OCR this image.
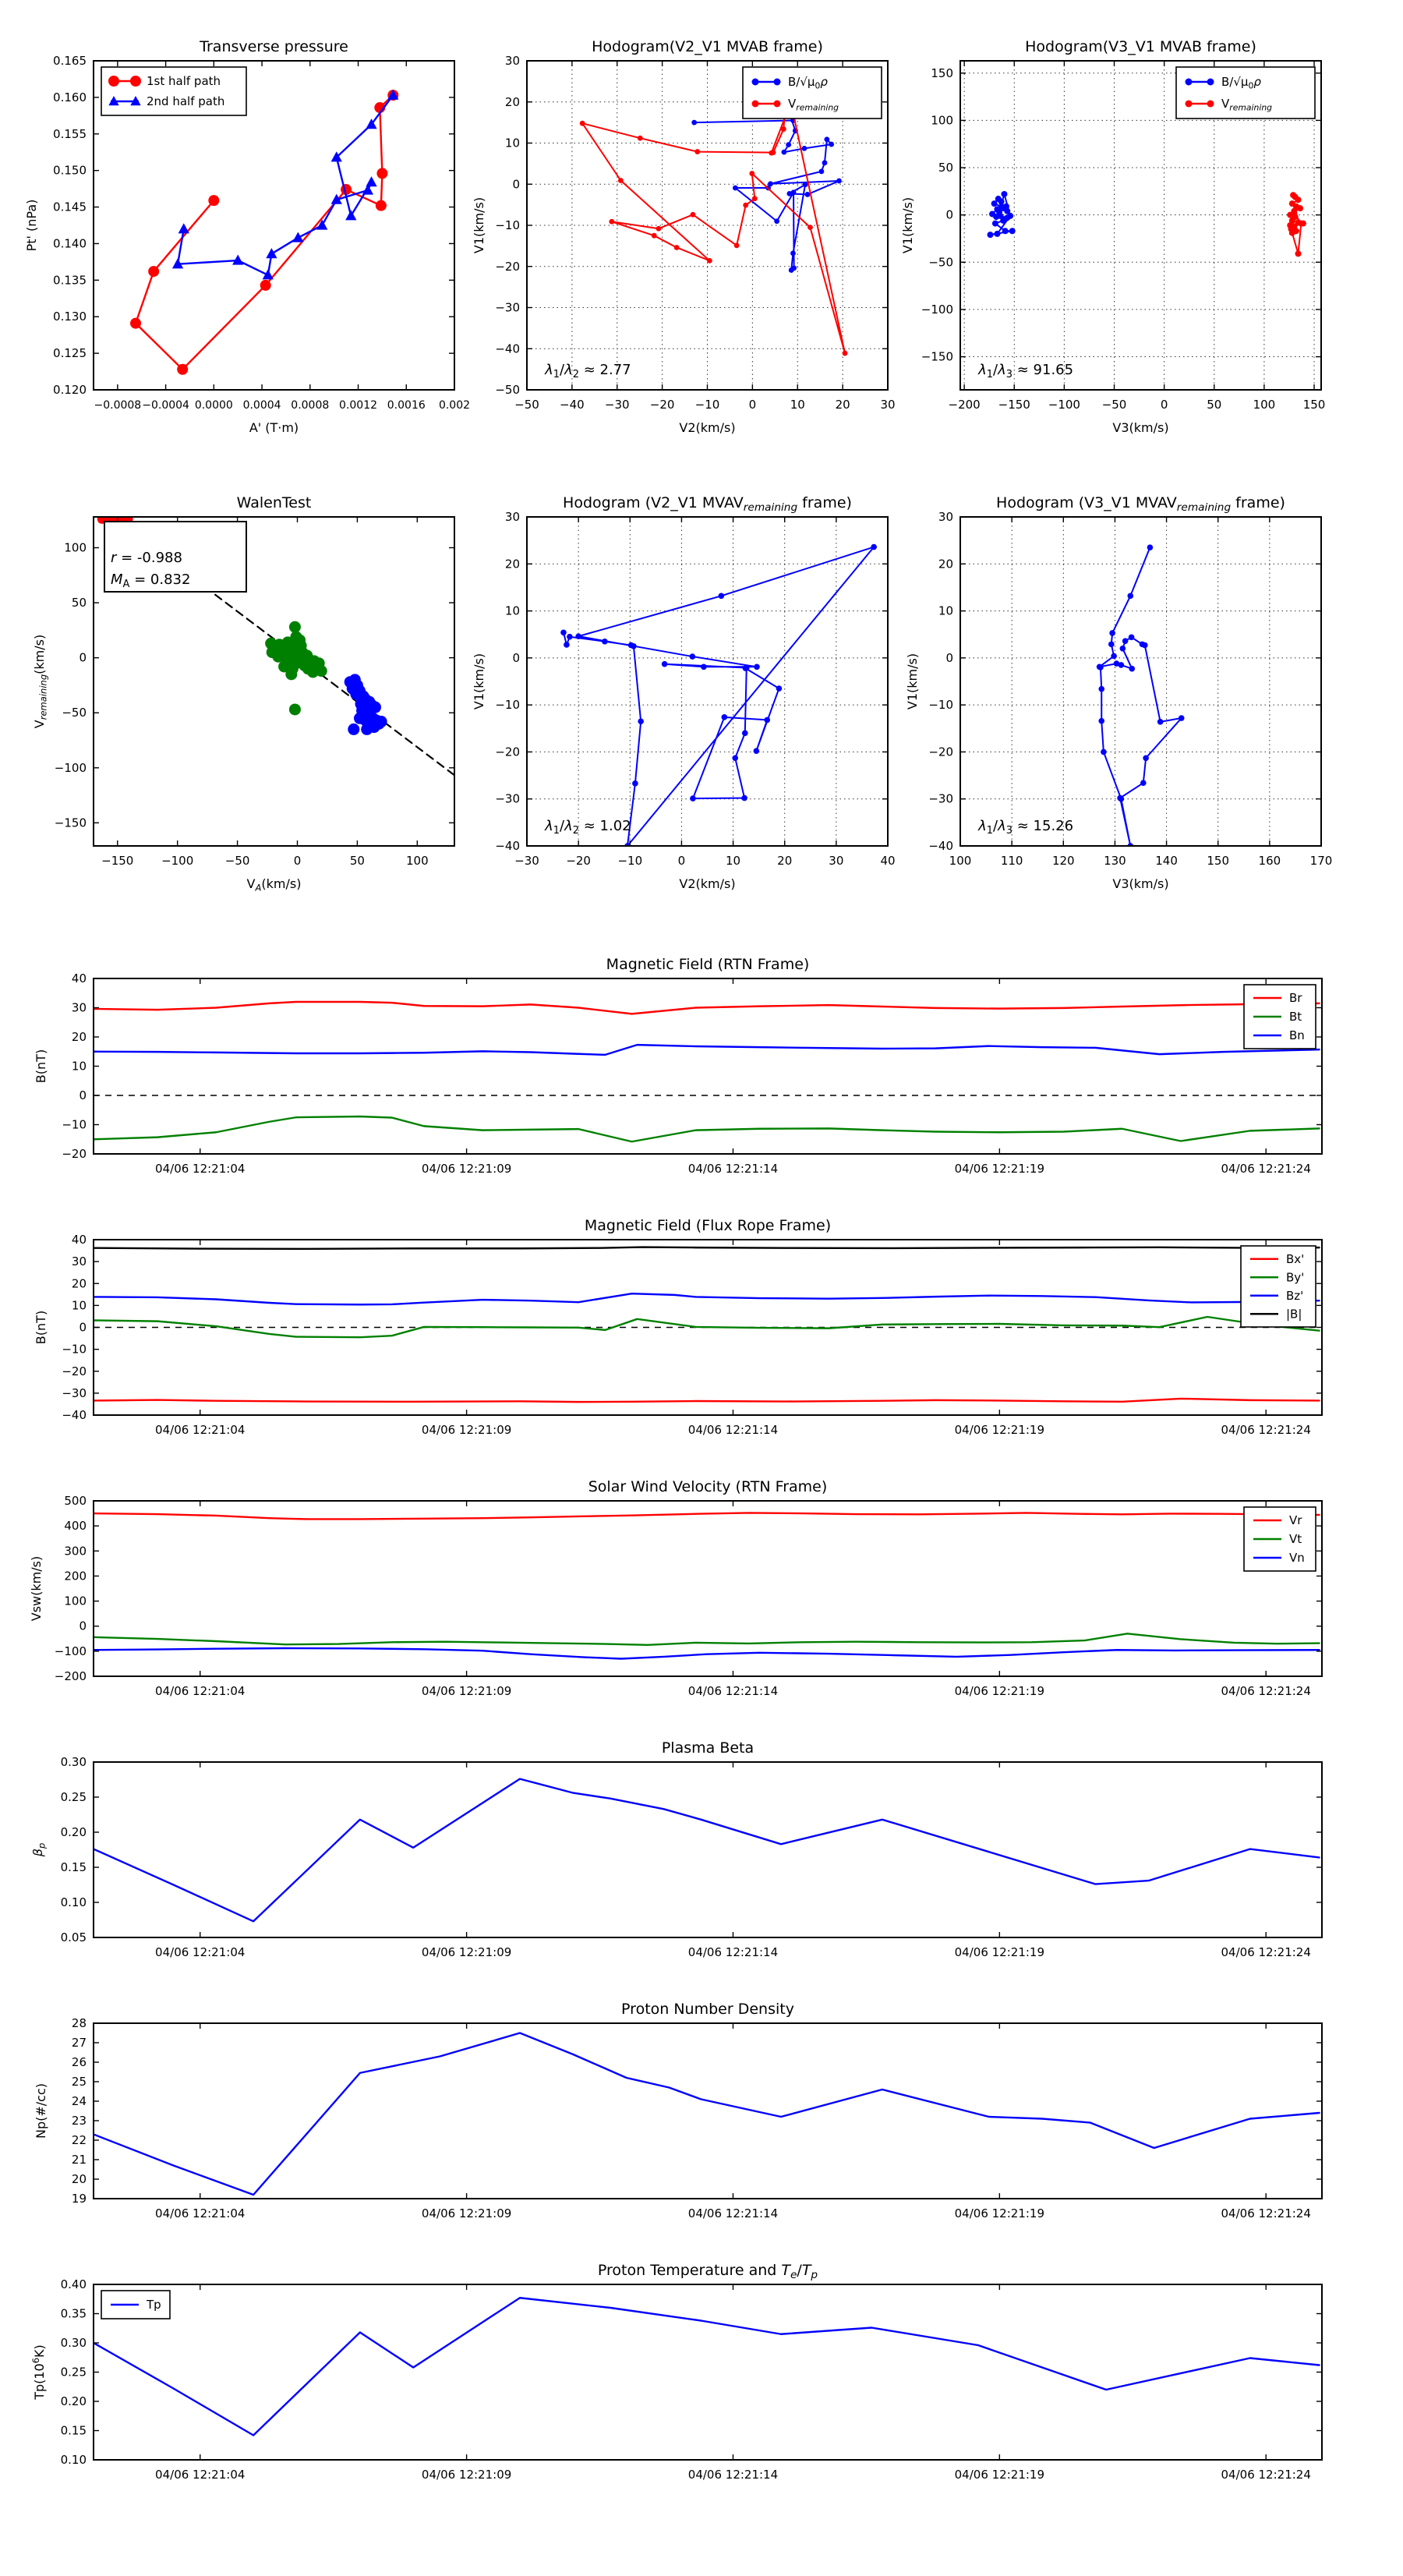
−0.0008 −0.0004 0.0000 0.0004 0.0008 0.0012 0.0016 0.002
0.120
0.125
0.130
0.135
0.140
0.145
0.150
0.155
0.160
0.165
Transverse pressure
A' (T·m)
Pt' (nPa)
1st half path
2nd half path
−50 −40 −30 −20 −10 0	10	20	30
−50
−40
−30
−20
−10
0
10
20
30
Hodogram(V2_V1 MVAB frame)
V2(km/s)
V1(km/s)
$B/√\mu_0\rho$
$V_{remaining}$
$\lambda_1/\lambda_2 \approx 2.77$
−200 −150 −100 −50	0	50	100 150
−150
−100
−50
0
50
100
150
Hodogram(V3_V1 MVAB frame)
V3(km/s)
V1(km/s)
$B/√\mu_0\rho$
$V_{remaining}$
$\lambda_1/\lambda_3 \approx 91.65$
−150 −100	−50	0	50	100
−150
−100
−50
0
50
100
WalenTest
$V_A(km/s)$
$V_{remaining}(km/s)$
r = -0.988
$M_A = 0.832$
−30 −20 −10	0	10	20	30	40
−40
−30
−20
−10
0
10
20
30
Hodogram (V2_V1 $MVAV_{remaining}$ frame)
V2(km/s)
V1(km/s)
$\lambda_1/\lambda_2 \approx 1.02$
100	110	120	130	140	150	160	170
−40
−30
−20
−10
0
10
20
30
Hodogram (V3_V1 $MVAV_{remaining}$ frame)
V3(km/s)
V1(km/s)
$\lambda_1/\lambda_3 \approx 15.26$
04/06 12:21:04	04/06 12:21:09	04/06 12:21:14	04/06 12:21:19	04/06 12:21:24
−20
−10
0
10
20
30
40
Magnetic Field (RTN Frame)
B(nT)
Br
Bt
Bn
04/06 12:21:04	04/06 12:21:09	04/06 12:21:14	04/06 12:21:19	04/06 12:21:24
−40
−30
−20
−10
0
10
20
30
40
Magnetic Field (Flux Rope Frame)
B(nT)
Bx'
By'
Bz'
|B|
04/06 12:21:04	04/06 12:21:09	04/06 12:21:14	04/06 12:21:19	04/06 12:21:24
−200
−100
0
100
200
300
400
500
Solar Wind Velocity (RTN Frame)
Vsw(km/s)
Vr
Vt
Vn
04/06 12:21:04	04/06 12:21:09	04/06 12:21:14	04/06 12:21:19	04/06 12:21:24
0.05
0.10
0.15
0.20
0.25
0.30
Plasma Beta
$\beta_p$
04/06 12:21:04	04/06 12:21:09	04/06 12:21:14	04/06 12:21:19	04/06 12:21:24
19
20
21
22
23
24
25
26
27
28
Proton Number Density
Np(#/cc)
04/06 12:21:04	04/06 12:21:09	04/06 12:21:14	04/06 12:21:19	04/06 12:21:24
0.10
0.15
0.20
0.25
0.30
0.35
0.40
Proton Temperature and $T_e/T_p$
$Tp(10^6K)$
Tp
